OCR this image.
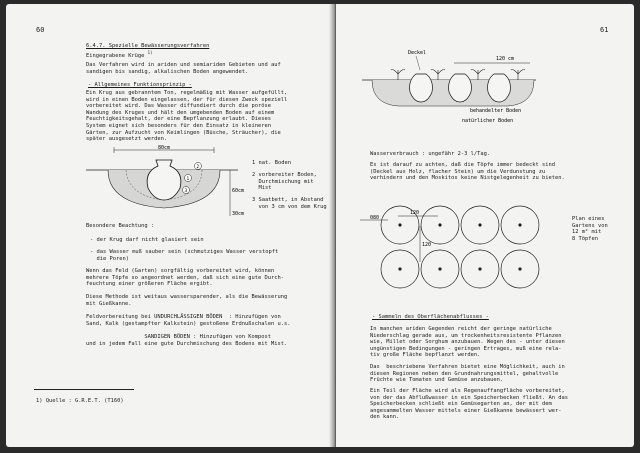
60
6.4.7. Spezielle Bewässerungsverfahren
Eingegrabene Krüge $^{1)}$
Das Verfahren wird in ariden und semiariden Gebieten und auf
sandigen bis sandig, alkalischen Boden angewendet.
- Allgemeines Funktionsprinzip -
Ein Krug aus gebranntem Ton, regelmäßig mit Wasser aufgefüllt,
wird in einen Boden eingelassen, der für diesen Zweck speziell
vorbereitet wird. Das Wasser diffundiert durch die poröse
Wandung des Kruges und hält den umgebenden Boden auf einem
Feuchtigkeitsgehalt, der eine Bepflanzung erlaubt. Dieses
System eignet sich besonders für den Einsatz in kleineren
Gärten, zur Aufzucht von Keimlingen (Büsche, Sträucher), die
später ausgesetzt werden.
80cm
1
2
3	60cm
30cm
1 nat. Boden
2 vorbereiter Boden,
Durchmischung mit
Mist
3 Saatbett, in Abstand
von 3 cm von dem Krug
Besondere Beachtung :
- der Krug darf nicht glasiert sein
- das Wasser muß sauber sein (schmutziges Wasser verstopft
die Poren)
Wenn das Feld (Garten) sorgfältig vorbereitet wird, können
mehrere Töpfe so angeordnet werden, daß sich eine gute Durch-
feuchtung einer größeren Fläche ergibt.
Diese Methode ist weitaus wassersparender, als die Bewässerung
mit Gießkanne.
Feldvorbereitung bei UNDURCHLÄSSIGEN BÖDEN  : Hinzufügen von
Sand, Kalk (gestampfter Kalkstein) gestoßene Erdnußschalen u.s.
SANDIGEN BÖDEN : Hinzufügen von Kompost
und in jedem Fall eine gute Durchmischung des Bodens mit Mist.
1) Quelle : G.R.E.T. (T160)
61
Deckel
120 cm
behandelter Boden
natürlicher Boden
Wasserverbrauch : ungefähr 2-3 l/Tag.
Es ist darauf zu achten, daß die Töpfe immer bedeckt sind
(Deckel aus Holz, flacher Stein) um die Verdunstung zu
verhindern und den Moskitos keine Nistgelegenheit zu bieten.
080
120
120
Plan eines
Gartens von
12 m² mit
8 Töpfen
- Sammeln des Oberflächenabflusses -
In manchen ariden Gegenden reicht der geringe natürliche
Niederschlag gerade aus, um trockenheitsresistente Pflanzen
wie, Millet oder Sorghum anzubauen. Wegen des - unter diesen
ungünstigen Bedingungen - geringen Ertrages, muß eine rela-
tiv große Fläche bepflanzt werden.
Das  beschriebene Verfahren bietet eine Möglichkeit, auch in
diesen Regionen neben den Grundnahrungsmittel, gehaltvolle
Früchte wie Tomaten und Gemüse anzubauen.
Ein Teil der Fläche wird als Regenauffangfläche vorbereitet,
von der das Abflußwasser in ein Speicherbecken fließt. An das
Speicherbecken schließt ein Gemüsegarten an, der mit dem
angesammelten Wasser mittels einer Gießkanne bewässert wer-
den kann.
